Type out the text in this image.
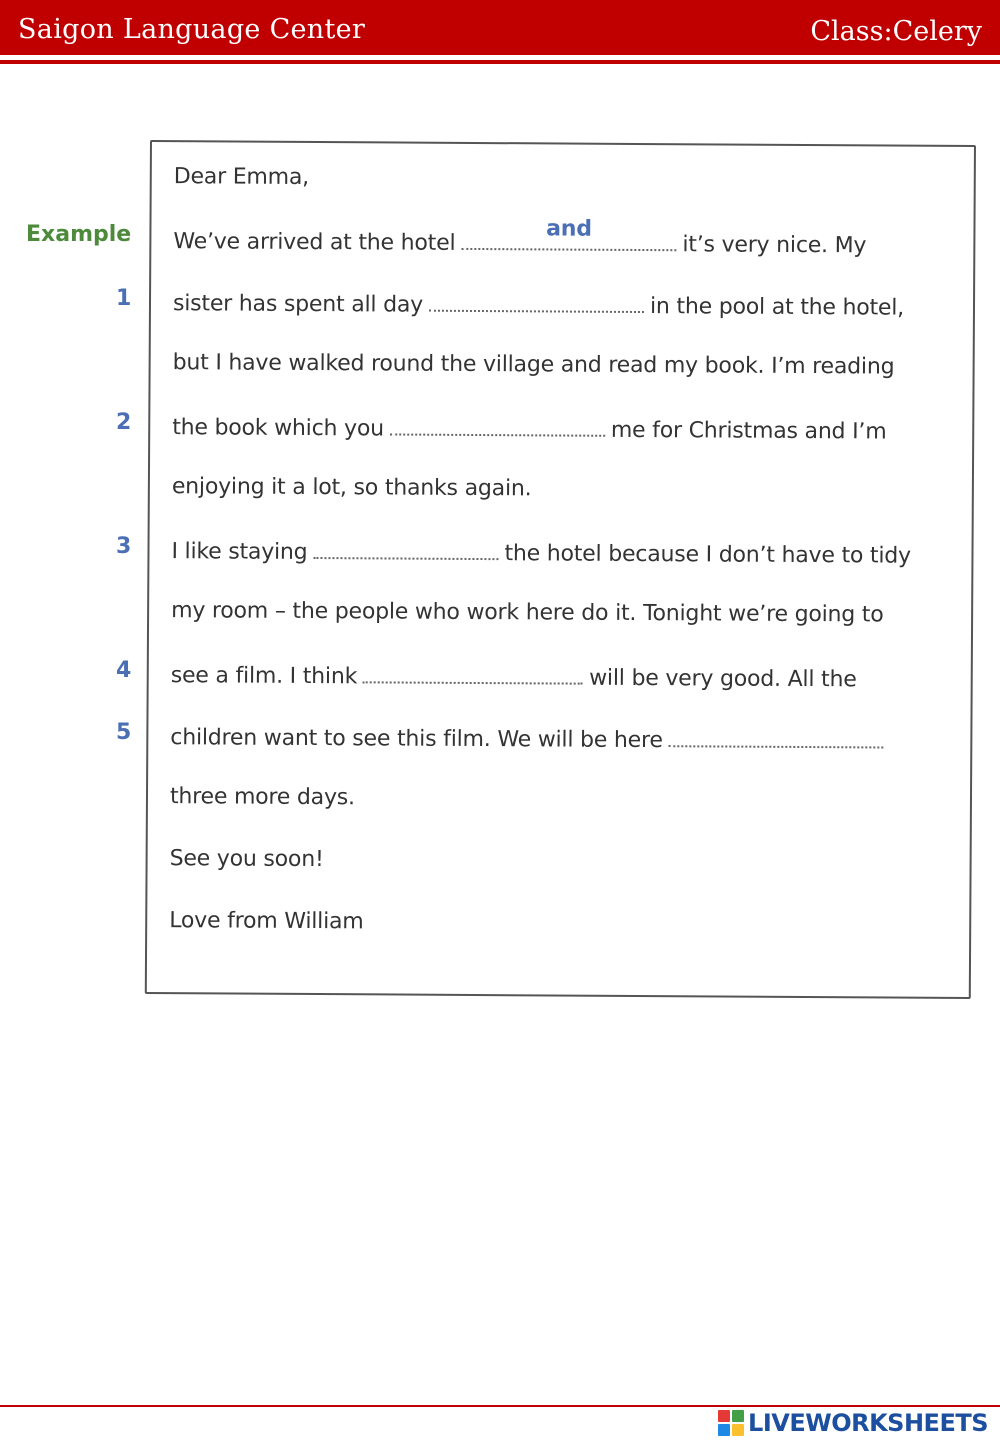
Saigon Language Center	Class:Celery
Example
1
2
3
4
5
Dear Emma,
We’ve arrived at the hotel
and
it’s very nice. My
sister has spent all day	in the pool at the hotel,
but I have walked round the village and read my book. I’m reading
the book which you	me for Christmas and I’m
enjoying it a lot, so thanks again.
I like staying	the hotel because I don’t have to tidy
my room – the people who work here do it. Tonight we’re going to
see a film. I think	will be very good. All the
children want to see this film. We will be here
three more days.
See you soon!
Love from William
LIVEWORKSHEETS
